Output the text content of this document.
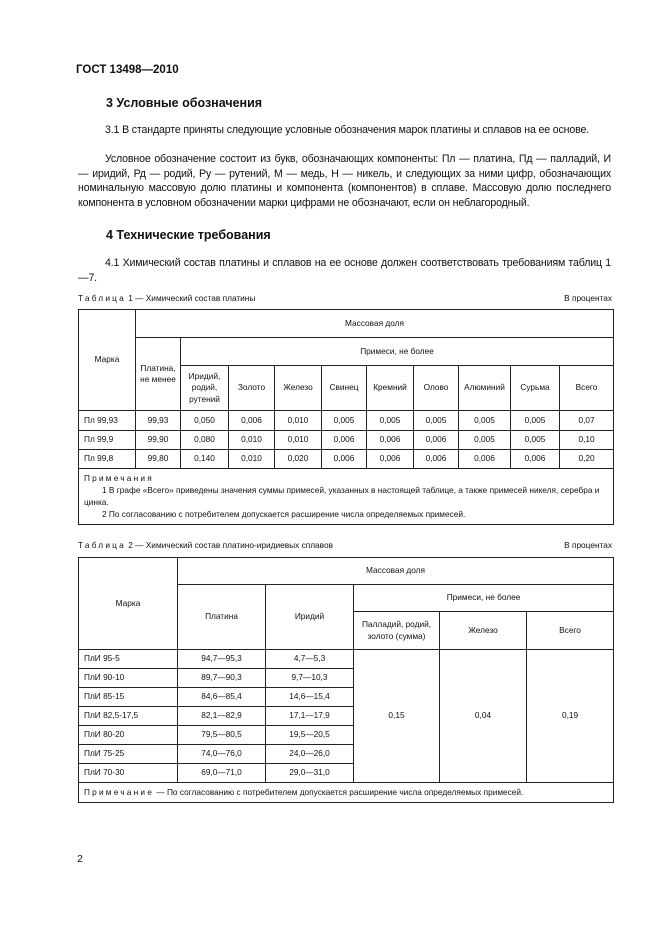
ГОСТ 13498—2010
3 Условные обозначения

3.1 В стандарте приняты следующие условные обозначения марок платины и сплавов на ее основе.

Условное обозначение состоит из букв, обозначающих компоненты: Пл — платина, Пд — палладий, И — иридий, Рд — родий, Ру — рутений, М — медь, Н — никель, и следующих за ними цифр, обозначающих номинальную массовую долю платины и компонента (компонентов) в сплаве. Массовую долю последнего компонента в условном обозначении марки цифрами не обозначают, если он неблагородный.

4 Технические требования

4.1 Химический состав платины и сплавов на ее основе должен соответствовать требованиям таблиц 1—7.

Таблица 1 — Химический состав платины	В процентах
Марка	Массовая доля									
	Платина, не менее	Примеси, не более								
		Иридий, родий, рутений	Золото	Железо	Свинец	Кремний	Олово	Алюминий	Сурьма	Всего
Пл 99,93	99,93	0,050	0,006	0,010	0,005	0,005	0,005	0,005	0,005	0,07
Пл 99,9	99,90	0,080	0,010	0,010	0,006	0,006	0,006	0,005	0,005	0,10
Пл 99,8	99,80	0,140	0,010	0,020	0,006	0,006	0,006	0,006	0,006	0,20

Примечания
1 В графе «Всего» приведены значения суммы примесей, указанных в настоящей таблице, а также примесей никеля, серебра и цинка.
2 По согласованию с потребителем допускается расширение числа определяемых примесей.										
Таблица 2 — Химический состав платино-иридиевых сплавов	В процентах
Марка	Массовая доля				
	Платина	Иридий	Примеси, не более		
			Палладий, родий, золото (сумма)	Железо	Всего
ПлИ 95-5	94,7—95,3	4,7—5,3	0,15	0,04	0,19
ПлИ 90-10	89,7—90,3	9,7—10,3			
ПлИ 85-15	84,6—85,4	14,6—15,4			
ПлИ 82,5-17,5	82,1—82,9	17,1—17,9			
ПлИ 80-20	79,5—80,5	19,5—20,5			
ПлИ 75-25	74,0—76,0	24,0—26,0			
ПлИ 70-30	69,0—71,0	29,0—31,0			
Примечание — По согласованию с потребителем допускается расширение числа определяемых примесей.					
2
